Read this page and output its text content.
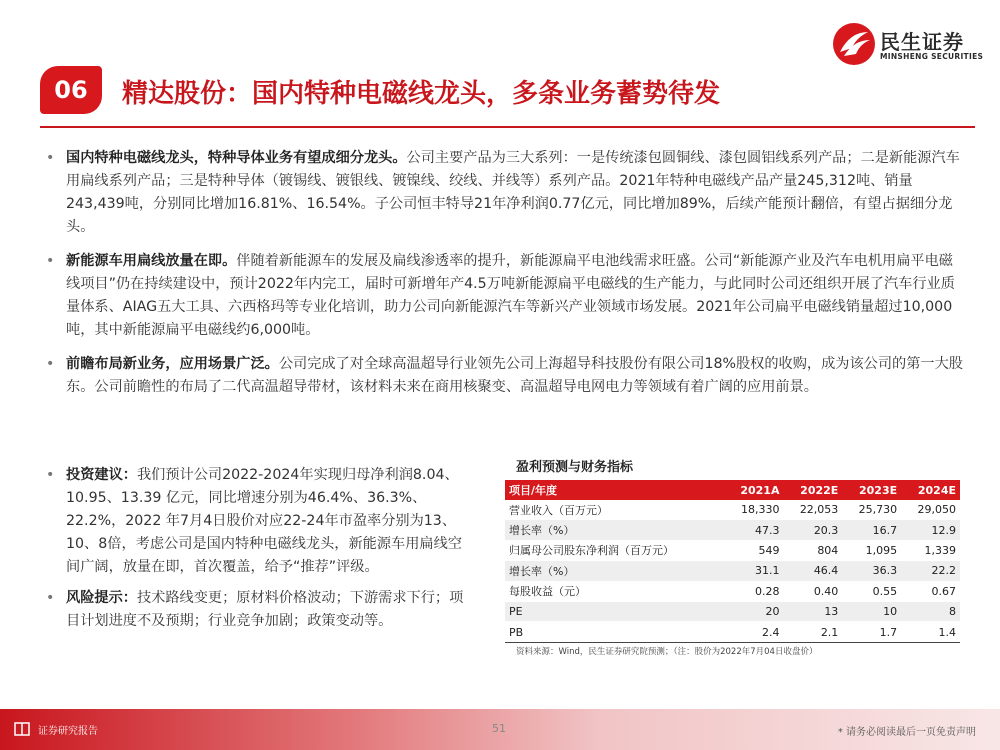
民生证券
MINSHENG SECURITIES
06	精达股份：国内特种电磁线龙头，多条业务蓄势待发
• 国内特种电磁线龙头，特种导体业务有望成细分龙头。公司主要产品为三大系列：一是传统漆包圆铜线、漆包圆铝线系列产品；二是新能源汽车用扁线系列产品；三是特种导体（镀锡线、镀银线、镀镍线、绞线、并线等）系列产品。2021年特种电磁线产品产量245,312吨、销量243,439吨，分别同比增加16.81%、16.54%。子公司恒丰特导21年净利润0.77亿元，同比增加89%，后续产能预计翻倍，有望占据细分龙头。
• 新能源车用扁线放量在即。伴随着新能源车的发展及扁线渗透率的提升，新能源扁平电池线需求旺盛。公司“新能源产业及汽车电机用扁平电磁线项目”仍在持续建设中，预计2022年内完工，届时可新增年产4.5万吨新能源扁平电磁线的生产能力，与此同时公司还组织开展了汽车行业质量体系、AIAG五大工具、六西格玛等专业化培训，助力公司向新能源汽车等新兴产业领域市场发展。2021年公司扁平电磁线销量超过10,000吨，其中新能源扁平电磁线约6,000吨。
• 前瞻布局新业务，应用场景广泛。公司完成了对全球高温超导行业领先公司上海超导科技股份有限公司18%股权的收购，成为该公司的第一大股东。公司前瞻性的布局了二代高温超导带材，该材料未来在商用核聚变、高温超导电网电力等领域有着广阔的应用前景。
• 投资建议：我们预计公司2022-2024年实现归母净利润8.04、10.95、13.39 亿元，同比增速分别为46.4%、36.3%、22.2%，2022 年7月4日股价对应22-24年市盈率分别为13、10、8倍，考虑公司是国内特种电磁线龙头，新能源车用扁线空间广阔，放量在即，首次覆盖，给予“推荐”评级。
• 风险提示：技术路线变更；原材料价格波动；下游需求下行；项目计划进度不及预期；行业竞争加剧；政策变动等。
盈利预测与财务指标
项目/年度	2021A	2022E	2023E	2024E
营业收入（百万元）	18,330	22,053	25,730	29,050
增长率（%）	47.3	20.3	16.7	12.9
归属母公司股东净利润（百万元）	549	804	1,095	1,339
增长率（%）	31.1	46.4	36.3	22.2
每股收益（元）	0.28	0.40	0.55	0.67
PE	20	13	10	8
PB	2.4	2.1	1.7	1.4
资料来源：Wind，民生证券研究院预测；（注：股价为2022年7月04日收盘价）
证券研究报告	51	* 请务必阅读最后一页免责声明
